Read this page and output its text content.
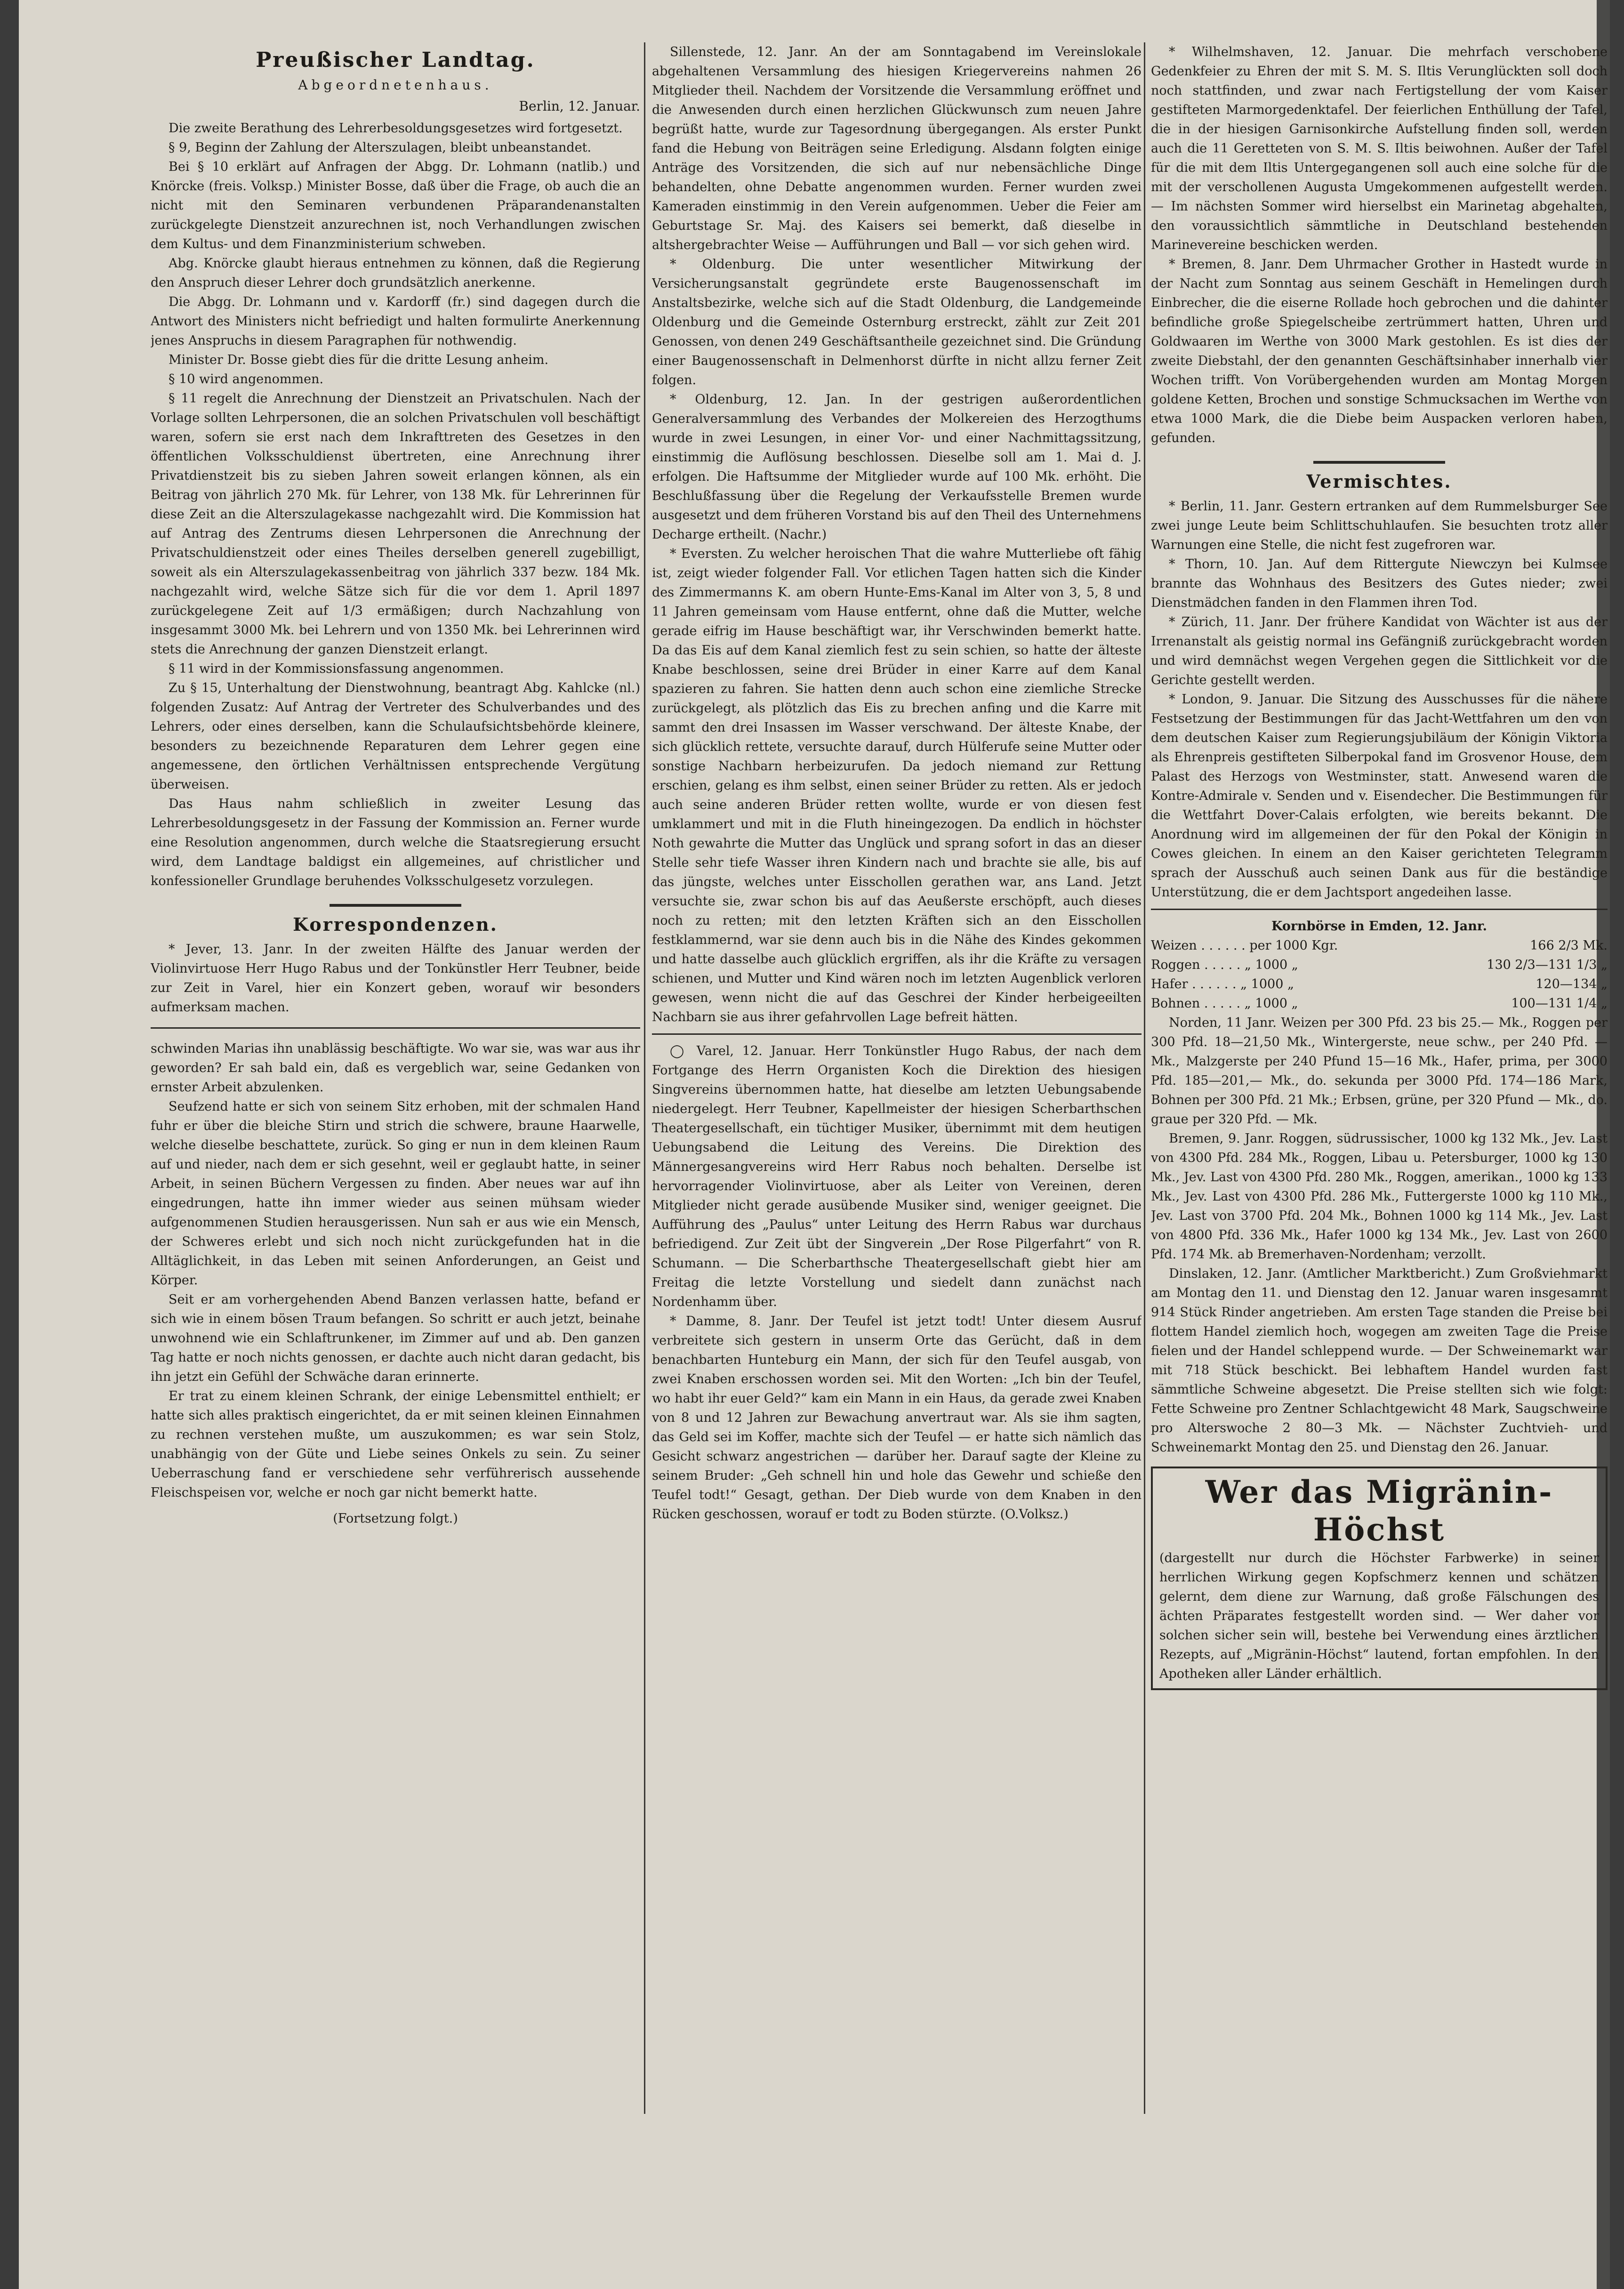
Preußischer Landtag.
Abgeordnetenhaus.
Berlin, 12. Januar.

Die zweite Berathung des Lehrerbesoldungsgesetzes wird fortgesetzt.

§ 9, Beginn der Zahlung der Alterszulagen, bleibt unbeanstandet.

Bei § 10 erklärt auf Anfragen der Abgg. Dr. Lohmann (natlib.) und Knörcke (freis. Volksp.) Minister Bosse, daß über die Frage, ob auch die an nicht mit den Seminaren verbundenen Präparandenanstalten zurückgelegte Dienstzeit anzurechnen ist, noch Verhandlungen zwischen dem Kultus- und dem Finanzministerium schweben.

Abg. Knörcke glaubt hieraus entnehmen zu können, daß die Regierung den Anspruch dieser Lehrer doch grundsätzlich anerkenne.

Die Abgg. Dr. Lohmann und v. Kardorff (fr.) sind dagegen durch die Antwort des Ministers nicht befriedigt und halten formulirte Anerkennung jenes Anspruchs in diesem Paragraphen für nothwendig.

Minister Dr. Bosse giebt dies für die dritte Lesung anheim.

§ 10 wird angenommen.

§ 11 regelt die Anrechnung der Dienstzeit an Privatschulen. Nach der Vorlage sollten Lehrpersonen, die an solchen Privatschulen voll beschäftigt waren, sofern sie erst nach dem Inkrafttreten des Gesetzes in den öffentlichen Volksschuldienst übertreten, eine Anrechnung ihrer Privatdienstzeit bis zu sieben Jahren soweit erlangen können, als ein Beitrag von jährlich 270 Mk. für Lehrer, von 138 Mk. für Lehrerinnen für diese Zeit an die Alterszulagekasse nachgezahlt wird. Die Kommission hat auf Antrag des Zentrums diesen Lehrpersonen die Anrechnung der Privatschuldienstzeit oder eines Theiles derselben generell zugebilligt, soweit als ein Alterszulagekassenbeitrag von jährlich 337 bezw. 184 Mk. nachgezahlt wird, welche Sätze sich für die vor dem 1. April 1897 zurückgelegene Zeit auf 1/3 ermäßigen; durch Nachzahlung von insgesammt 3000 Mk. bei Lehrern und von 1350 Mk. bei Lehrerinnen wird stets die Anrechnung der ganzen Dienstzeit erlangt.

§ 11 wird in der Kommissionsfassung angenommen.

Zu § 15, Unterhaltung der Dienstwohnung, beantragt Abg. Kahlcke (nl.) folgenden Zusatz: Auf Antrag der Vertreter des Schulverbandes und des Lehrers, oder eines derselben, kann die Schulaufsichtsbehörde kleinere, besonders zu bezeichnende Reparaturen dem Lehrer gegen eine angemessene, den örtlichen Verhältnissen entsprechende Vergütung überweisen.

Das Haus nahm schließlich in zweiter Lesung das Lehrerbesoldungsgesetz in der Fassung der Kommission an. Ferner wurde eine Resolution angenommen, durch welche die Staatsregierung ersucht wird, dem Landtage baldigst ein allgemeines, auf christlicher und konfessioneller Grundlage beruhendes Volksschulgesetz vorzulegen.

Korrespondenzen.

* Jever, 13. Janr. In der zweiten Hälfte des Januar werden der Violinvirtuose Herr Hugo Rabus und der Tonkünstler Herr Teubner, beide zur Zeit in Varel, hier ein Konzert geben, worauf wir besonders aufmerksam machen.

schwinden Marias ihn unablässig beschäftigte. Wo war sie, was war aus ihr geworden? Er sah bald ein, daß es vergeblich war, seine Gedanken von ernster Arbeit abzulenken.

Seufzend hatte er sich von seinem Sitz erhoben, mit der schmalen Hand fuhr er über die bleiche Stirn und strich die schwere, braune Haarwelle, welche dieselbe beschattete, zurück. So ging er nun in dem kleinen Raum auf und nieder, nach dem er sich gesehnt, weil er geglaubt hatte, in seiner Arbeit, in seinen Büchern Vergessen zu finden. Aber neues war auf ihn eingedrungen, hatte ihn immer wieder aus seinen mühsam wieder aufgenommenen Studien herausgerissen. Nun sah er aus wie ein Mensch, der Schweres erlebt und sich noch nicht zurückgefunden hat in die Alltäglichkeit, in das Leben mit seinen Anforderungen, an Geist und Körper.

Seit er am vorhergehenden Abend Banzen verlassen hatte, befand er sich wie in einem bösen Traum befangen. So schritt er auch jetzt, beinahe unwohnend wie ein Schlaftrunkener, im Zimmer auf und ab. Den ganzen Tag hatte er noch nichts genossen, er dachte auch nicht daran gedacht, bis ihn jetzt ein Gefühl der Schwäche daran erinnerte.

Er trat zu einem kleinen Schrank, der einige Lebensmittel enthielt; er hatte sich alles praktisch eingerichtet, da er mit seinen kleinen Einnahmen zu rechnen verstehen mußte, um auszukommen; es war sein Stolz, unabhängig von der Güte und Liebe seines Onkels zu sein. Zu seiner Ueberraschung fand er verschiedene sehr verführerisch aussehende Fleischspeisen vor, welche er noch gar nicht bemerkt hatte.

(Fortsetzung folgt.)

Sillenstede, 12. Janr. An der am Sonntagabend im Vereinslokale abgehaltenen Versammlung des hiesigen Kriegervereins nahmen 26 Mitglieder theil. Nachdem der Vorsitzende die Versammlung eröffnet und die Anwesenden durch einen herzlichen Glückwunsch zum neuen Jahre begrüßt hatte, wurde zur Tagesordnung übergegangen. Als erster Punkt fand die Hebung von Beiträgen seine Erledigung. Alsdann folgten einige Anträge des Vorsitzenden, die sich auf nur nebensächliche Dinge behandelten, ohne Debatte angenommen wurden. Ferner wurden zwei Kameraden einstimmig in den Verein aufgenommen. Ueber die Feier am Geburtstage Sr. Maj. des Kaisers sei bemerkt, daß dieselbe in altshergebrachter Weise — Aufführungen und Ball — vor sich gehen wird.

* Oldenburg. Die unter wesentlicher Mitwirkung der Versicherungsanstalt gegründete erste Baugenossenschaft im Anstaltsbezirke, welche sich auf die Stadt Oldenburg, die Landgemeinde Oldenburg und die Gemeinde Osternburg erstreckt, zählt zur Zeit 201 Genossen, von denen 249 Geschäftsantheile gezeichnet sind. Die Gründung einer Baugenossenschaft in Delmenhorst dürfte in nicht allzu ferner Zeit folgen.

* Oldenburg, 12. Jan. In der gestrigen außerordentlichen Generalversammlung des Verbandes der Molkereien des Herzogthums wurde in zwei Lesungen, in einer Vor- und einer Nachmittagssitzung, einstimmig die Auflösung beschlossen. Dieselbe soll am 1. Mai d. J. erfolgen. Die Haftsumme der Mitglieder wurde auf 100 Mk. erhöht. Die Beschlußfassung über die Regelung der Verkaufsstelle Bremen wurde ausgesetzt und dem früheren Vorstand bis auf den Theil des Unternehmens Decharge ertheilt. (Nachr.)

* Eversten. Zu welcher heroischen That die wahre Mutterliebe oft fähig ist, zeigt wieder folgender Fall. Vor etlichen Tagen hatten sich die Kinder des Zimmermanns K. am obern Hunte-Ems-Kanal im Alter von 3, 5, 8 und 11 Jahren gemeinsam vom Hause entfernt, ohne daß die Mutter, welche gerade eifrig im Hause beschäftigt war, ihr Verschwinden bemerkt hatte. Da das Eis auf dem Kanal ziemlich fest zu sein schien, so hatte der älteste Knabe beschlossen, seine drei Brüder in einer Karre auf dem Kanal spazieren zu fahren. Sie hatten denn auch schon eine ziemliche Strecke zurückgelegt, als plötzlich das Eis zu brechen anfing und die Karre mit sammt den drei Insassen im Wasser verschwand. Der älteste Knabe, der sich glücklich rettete, versuchte darauf, durch Hülferufe seine Mutter oder sonstige Nachbarn herbeizurufen. Da jedoch niemand zur Rettung erschien, gelang es ihm selbst, einen seiner Brüder zu retten. Als er jedoch auch seine anderen Brüder retten wollte, wurde er von diesen fest umklammert und mit in die Fluth hineingezogen. Da endlich in höchster Noth gewahrte die Mutter das Unglück und sprang sofort in das an dieser Stelle sehr tiefe Wasser ihren Kindern nach und brachte sie alle, bis auf das jüngste, welches unter Eisschollen gerathen war, ans Land. Jetzt versuchte sie, zwar schon bis auf das Aeußerste erschöpft, auch dieses noch zu retten; mit den letzten Kräften sich an den Eisschollen festklammernd, war sie denn auch bis in die Nähe des Kindes gekommen und hatte dasselbe auch glücklich ergriffen, als ihr die Kräfte zu versagen schienen, und Mutter und Kind wären noch im letzten Augenblick verloren gewesen, wenn nicht die auf das Geschrei der Kinder herbeigeeilten Nachbarn sie aus ihrer gefahrvollen Lage befreit hätten.

◯ Varel, 12. Januar. Herr Tonkünstler Hugo Rabus, der nach dem Fortgange des Herrn Organisten Koch die Direktion des hiesigen Singvereins übernommen hatte, hat dieselbe am letzten Uebungsabende niedergelegt. Herr Teubner, Kapellmeister der hiesigen Scherbarthschen Theatergesellschaft, ein tüchtiger Musiker, übernimmt mit dem heutigen Uebungsabend die Leitung des Vereins. Die Direktion des Männergesangvereins wird Herr Rabus noch behalten. Derselbe ist hervorragender Violinvirtuose, aber als Leiter von Vereinen, deren Mitglieder nicht gerade ausübende Musiker sind, weniger geeignet. Die Aufführung des „Paulus“ unter Leitung des Herrn Rabus war durchaus befriedigend. Zur Zeit übt der Singverein „Der Rose Pilgerfahrt“ von R. Schumann. — Die Scherbarthsche Theatergesellschaft giebt hier am Freitag die letzte Vorstellung und siedelt dann zunächst nach Nordenhamm über.

* Damme, 8. Janr. Der Teufel ist jetzt todt! Unter diesem Ausruf verbreitete sich gestern in unserm Orte das Gerücht, daß in dem benachbarten Hunteburg ein Mann, der sich für den Teufel ausgab, von zwei Knaben erschossen worden sei. Mit den Worten: „Ich bin der Teufel, wo habt ihr euer Geld?“ kam ein Mann in ein Haus, da gerade zwei Knaben von 8 und 12 Jahren zur Bewachung anvertraut war. Als sie ihm sagten, das Geld sei im Koffer, machte sich der Teufel — er hatte sich nämlich das Gesicht schwarz angestrichen — darüber her. Darauf sagte der Kleine zu seinem Bruder: „Geh schnell hin und hole das Gewehr und schieße den Teufel todt!“ Gesagt, gethan. Der Dieb wurde von dem Knaben in den Rücken geschossen, worauf er todt zu Boden stürzte. (O.Volksz.)

* Wilhelmshaven, 12. Januar. Die mehrfach verschobene Gedenkfeier zu Ehren der mit S. M. S. Iltis Verunglückten soll doch noch stattfinden, und zwar nach Fertigstellung der vom Kaiser gestifteten Marmorgedenktafel. Der feierlichen Enthüllung der Tafel, die in der hiesigen Garnisonkirche Aufstellung finden soll, werden auch die 11 Geretteten von S. M. S. Iltis beiwohnen. Außer der Tafel für die mit dem Iltis Untergegangenen soll auch eine solche für die mit der verschollenen Augusta Umgekommenen aufgestellt werden. — Im nächsten Sommer wird hierselbst ein Marinetag abgehalten, den voraussichtlich sämmtliche in Deutschland bestehenden Marinevereine beschicken werden.

* Bremen, 8. Janr. Dem Uhrmacher Grother in Hastedt wurde in der Nacht zum Sonntag aus seinem Geschäft in Hemelingen durch Einbrecher, die die eiserne Rollade hoch gebrochen und die dahinter befindliche große Spiegelscheibe zertrümmert hatten, Uhren und Goldwaaren im Werthe von 3000 Mark gestohlen. Es ist dies der zweite Diebstahl, der den genannten Geschäftsinhaber innerhalb vier Wochen trifft. Von Vorübergehenden wurden am Montag Morgen goldene Ketten, Brochen und sonstige Schmucksachen im Werthe von etwa 1000 Mark, die die Diebe beim Auspacken verloren haben, gefunden.

Vermischtes.

* Berlin, 11. Janr. Gestern ertranken auf dem Rummelsburger See zwei junge Leute beim Schlittschuhlaufen. Sie besuchten trotz aller Warnungen eine Stelle, die nicht fest zugefroren war.

* Thorn, 10. Jan. Auf dem Rittergute Niewczyn bei Kulmsee brannte das Wohnhaus des Besitzers des Gutes nieder; zwei Dienstmädchen fanden in den Flammen ihren Tod.

* Zürich, 11. Janr. Der frühere Kandidat von Wächter ist aus der Irrenanstalt als geistig normal ins Gefängniß zurückgebracht worden und wird demnächst wegen Vergehen gegen die Sittlichkeit vor die Gerichte gestellt werden.

* London, 9. Januar. Die Sitzung des Ausschusses für die nähere Festsetzung der Bestimmungen für das Jacht-Wettfahren um den von dem deutschen Kaiser zum Regierungsjubiläum der Königin Viktoria als Ehrenpreis gestifteten Silberpokal fand im Grosvenor House, dem Palast des Herzogs von Westminster, statt. Anwesend waren die Kontre-Admirale v. Senden und v. Eisendecher. Die Bestimmungen für die Wettfahrt Dover-Calais erfolgten, wie bereits bekannt. Die Anordnung wird im allgemeinen der für den Pokal der Königin in Cowes gleichen. In einem an den Kaiser gerichteten Telegramm sprach der Ausschuß auch seinen Dank aus für die beständige Unterstützung, die er dem Jachtsport angedeihen lasse.

Kornbörse in Emden, 12. Janr.
Weizen . . . . . . per 1000 Kgr.	166 2/3 Mk.
Roggen . . . . . „ 1000 „	130 2/3—131 1/3 „
Hafer . . . . . . „ 1000 „	120—134 „
Bohnen . . . . . „ 1000 „	100—131 1/4 „

Norden, 11 Janr. Weizen per 300 Pfd. 23 bis 25.— Mk., Roggen per 300 Pfd. 18—21,50 Mk., Wintergerste, neue schw., per 240 Pfd. — Mk., Malzgerste per 240 Pfund 15—16 Mk., Hafer, prima, per 3000 Pfd. 185—201,— Mk., do. sekunda per 3000 Pfd. 174—186 Mark, Bohnen per 300 Pfd. 21 Mk.; Erbsen, grüne, per 320 Pfund — Mk., do. graue per 320 Pfd. — Mk.

Bremen, 9. Janr. Roggen, südrussischer, 1000 kg 132 Mk., Jev. Last von 4300 Pfd. 284 Mk., Roggen, Libau u. Petersburger, 1000 kg 130 Mk., Jev. Last von 4300 Pfd. 280 Mk., Roggen, amerikan., 1000 kg 133 Mk., Jev. Last von 4300 Pfd. 286 Mk., Futtergerste 1000 kg 110 Mk., Jev. Last von 3700 Pfd. 204 Mk., Bohnen 1000 kg 114 Mk., Jev. Last von 4800 Pfd. 336 Mk., Hafer 1000 kg 134 Mk., Jev. Last von 2600 Pfd. 174 Mk. ab Bremerhaven-Nordenham; verzollt.

Dinslaken, 12. Janr. (Amtlicher Marktbericht.) Zum Großviehmarkt am Montag den 11. und Dienstag den 12. Januar waren insgesammt 914 Stück Rinder angetrieben. Am ersten Tage standen die Preise bei flottem Handel ziemlich hoch, wogegen am zweiten Tage die Preise fielen und der Handel schleppend wurde. — Der Schweinemarkt war mit 718 Stück beschickt. Bei lebhaftem Handel wurden fast sämmtliche Schweine abgesetzt. Die Preise stellten sich wie folgt: Fette Schweine pro Zentner Schlachtgewicht 48 Mark, Saugschweine pro Alterswoche 2 80—3 Mk. — Nächster Zuchtvieh- und Schweinemarkt Montag den 25. und Dienstag den 26. Januar.

Wer das Migränin-Höchst

(dargestellt nur durch die Höchster Farbwerke) in seiner herrlichen Wirkung gegen Kopfschmerz kennen und schätzen gelernt, dem diene zur Warnung, daß große Fälschungen des ächten Präparates festgestellt worden sind. — Wer daher vor solchen sicher sein will, bestehe bei Verwendung eines ärztlichen Rezepts, auf „Migränin-Höchst“ lautend, fortan empfohlen. In den Apotheken aller Länder erhältlich.
